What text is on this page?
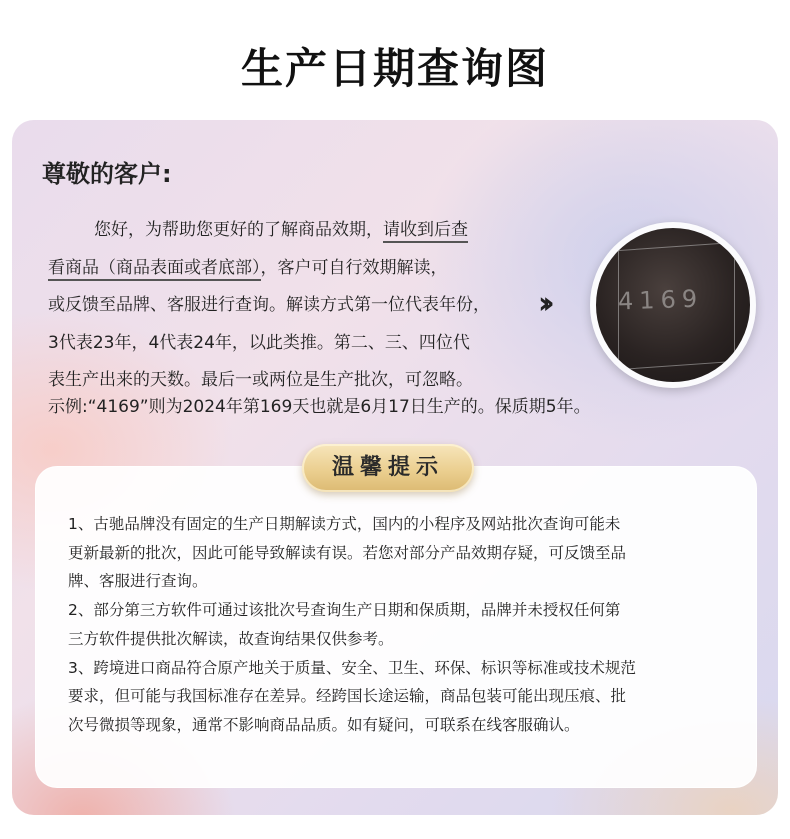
生产日期查询图
尊敬的客户:
您好，为帮助您更好的了解商品效期，请收到后查
看商品（商品表面或者底部），客户可自行效期解读，
或反馈至品牌、客服进行查询。解读方式第一位代表年份，
3代表23年，4代表24年，以此类推。第二、三、四位代
表生产出来的天数。最后一或两位是生产批次，可忽略。
示例:“4169”则为2024年第169天也就是6月17日生产的。保质期5年。
››	4169
温馨提示
1、古驰品牌没有固定的生产日期解读方式，国内的小程序及网站批次查询可能未
更新最新的批次，因此可能导致解读有误。若您对部分产品效期存疑，可反馈至品
牌、客服进行查询。
2、部分第三方软件可通过该批次号查询生产日期和保质期，品牌并未授权任何第
三方软件提供批次解读，故查询结果仅供参考。
3、跨境进口商品符合原产地关于质量、安全、卫生、环保、标识等标准或技术规范
要求，但可能与我国标准存在差异。经跨国长途运输，商品包装可能出现压痕、批
次号微损等现象，通常不影响商品品质。如有疑问，可联系在线客服确认。
